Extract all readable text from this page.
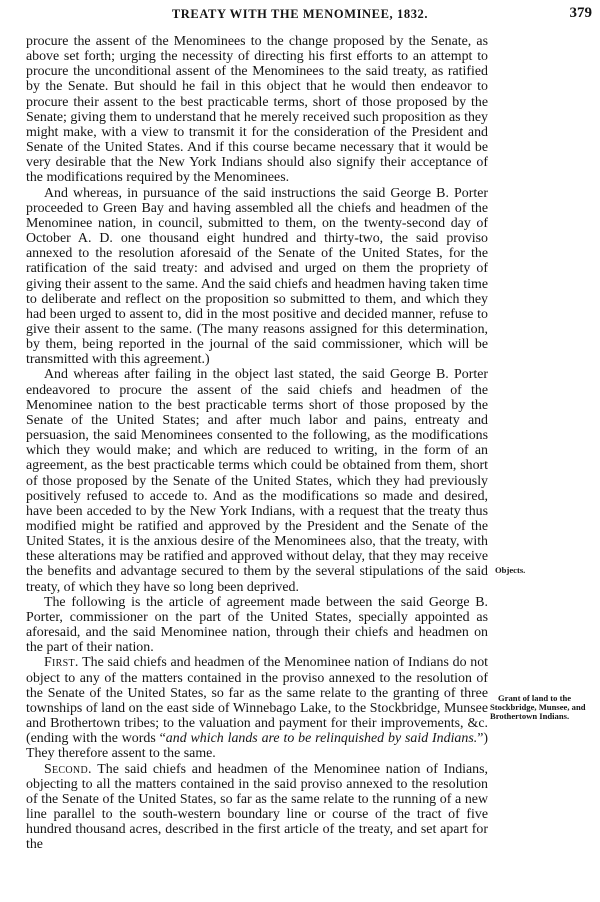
TREATY WITH THE MENOMINEE, 1832.	379

procure the assent of the Menominees to the change proposed by the Senate, as above set forth; urging the necessity of directing his first efforts to an attempt to procure the unconditional assent of the Menominees to the said treaty, as ratified by the Senate. But should he fail in this object that he would then endeavor to procure their assent to the best practicable terms, short of those proposed by the Senate; giving them to understand that he merely received such proposition as they might make, with a view to transmit it for the consideration of the President and Senate of the United States. And if this course became necessary that it would be very desirable that the New York Indians should also signify their acceptance of the modifications required by the Menominees.

And whereas, in pursuance of the said instructions the said George B. Porter proceeded to Green Bay and having assembled all the chiefs and headmen of the Menominee nation, in council, submitted to them, on the twenty-second day of October A. D. one thousand eight hundred and thirty-two, the said proviso annexed to the resolution aforesaid of the Senate of the United States, for the ratification of the said treaty: and advised and urged on them the propriety of giving their assent to the same. And the said chiefs and headmen having taken time to deliberate and reflect on the proposition so submitted to them, and which they had been urged to assent to, did in the most positive and decided manner, refuse to give their assent to the same. (The many reasons assigned for this determination, by them, being reported in the journal of the said commissioner, which will be transmitted with this agreement.)

And whereas after failing in the object last stated, the said George B. Porter endeavored to procure the assent of the said chiefs and headmen of the Menominee nation to the best practicable terms short of those proposed by the Senate of the United States; and after much labor and pains, entreaty and persuasion, the said Menominees consented to the following, as the modifications which they would make; and which are reduced to writing, in the form of an agreement, as the best practicable terms which could be obtained from them, short of those proposed by the Senate of the United States, which they had previously positively refused to accede to. And as the modifications so made and desired, have been acceded to by the New York Indians, with a request that the treaty thus modified might be ratified and approved by the President and the Senate of the United States, it is the anxious desire of the Menominees also, that the treaty, with these alterations may be ratified and approved without delay, that they may receive the benefits and advantage secured to them by the several stipulations of the said treaty, of which they have so long been deprived.

The following is the article of agreement made between the said George B. Porter, commissioner on the part of the United States, specially appointed as aforesaid, and the said Menominee nation, through their chiefs and headmen on the part of their nation.

First. The said chiefs and headmen of the Menominee nation of Indians do not object to any of the matters contained in the proviso annexed to the resolution of the Senate of the United States, so far as the same relate to the granting of three townships of land on the east side of Winnebago Lake, to the Stockbridge, Munsee and Brothertown tribes; to the valuation and payment for their improvements, &c. (ending with the words “and which lands are to be relinquished by said Indians.”) They therefore assent to the same.

Second. The said chiefs and headmen of the Menominee nation of Indians, objecting to all the matters contained in the said proviso annexed to the resolution of the Senate of the United States, so far as the same relate to the running of a new line parallel to the south-western boundary line or course of the tract of five hundred thousand acres, described in the first article of the treaty, and set apart for the

Objects.
Grant of land to the Stockbridge, Munsee, and Brothertown Indians.
